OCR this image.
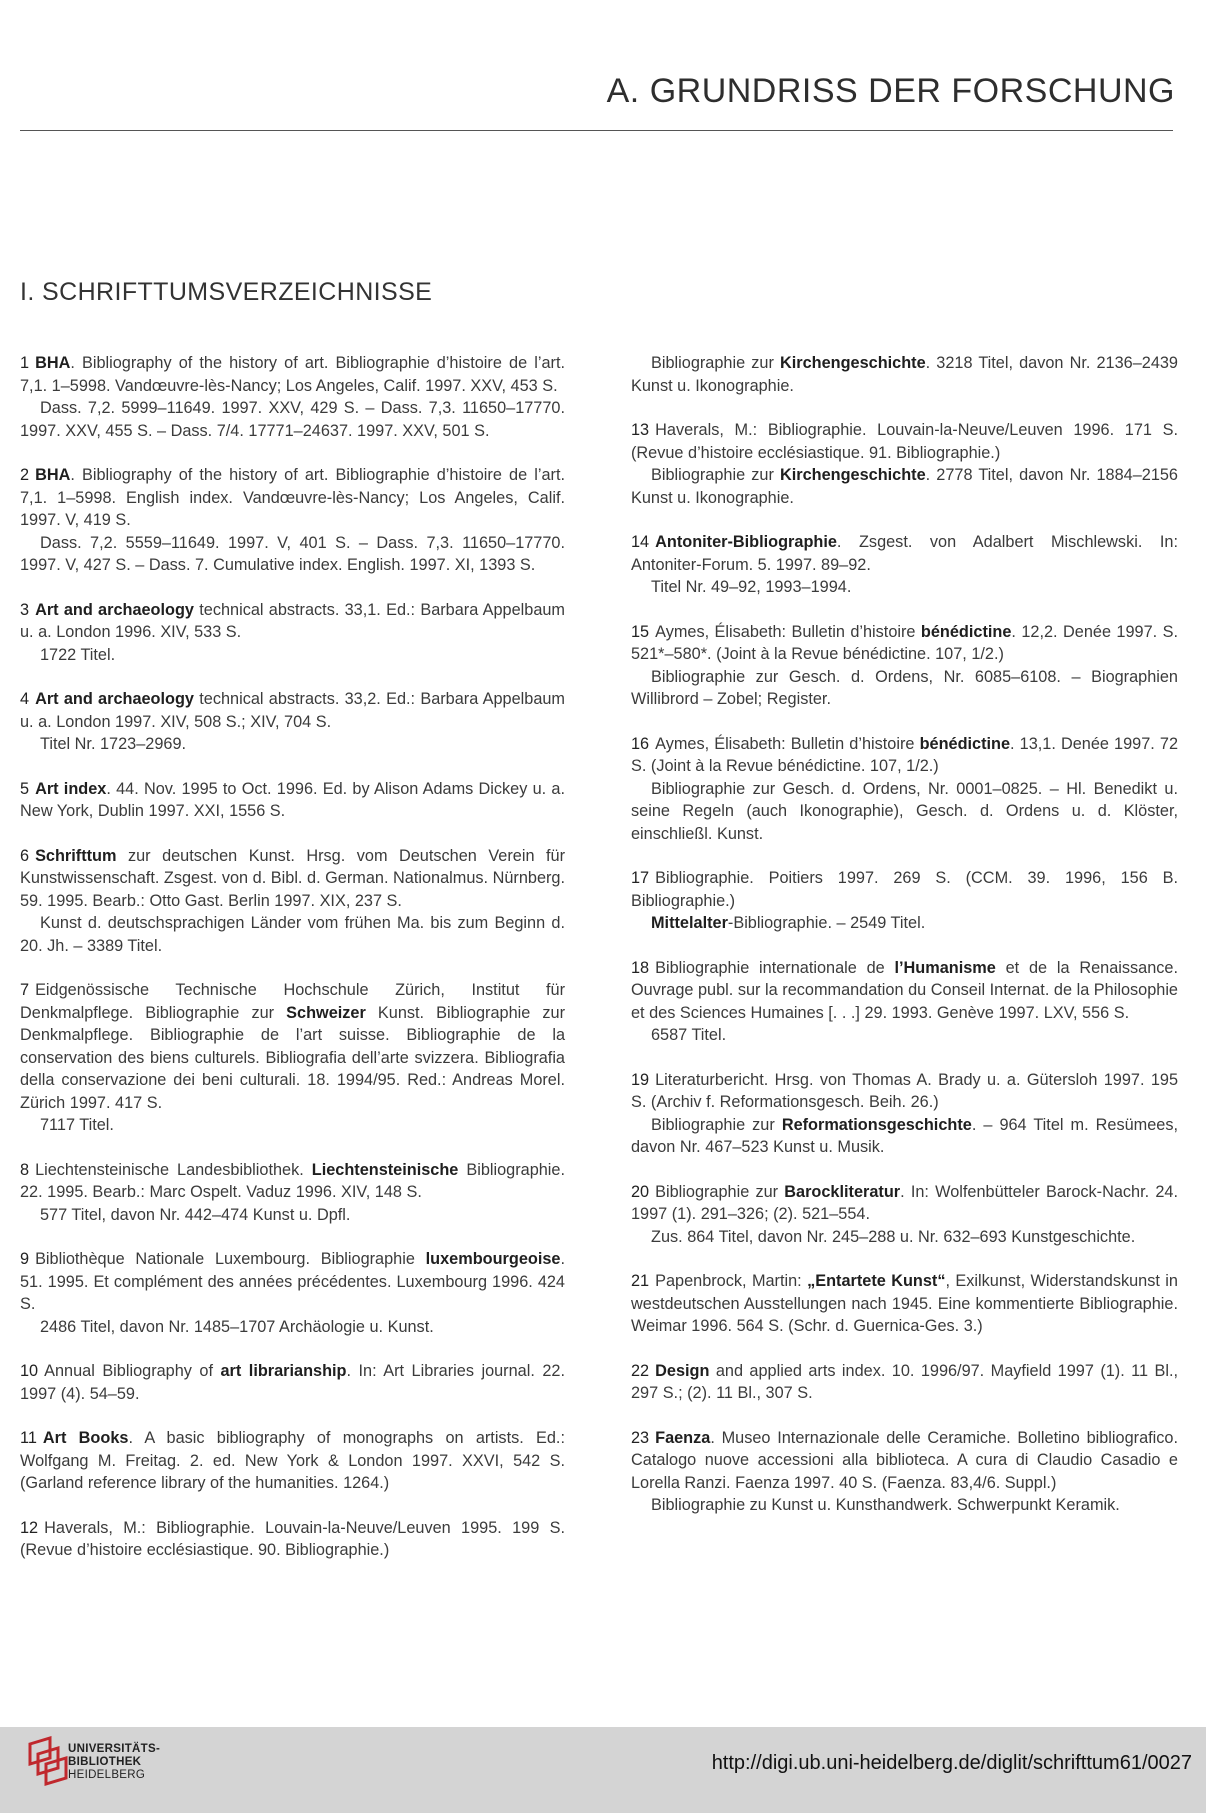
A. GRUNDRISS DER FORSCHUNG
I. SCHRIFTTUMSVERZEICHNISSE

1 BHA. Bibliography of the history of art. Bibliographie d’histoire de l’art. 7,1. 1–5998. Vandœuvre-lès-Nancy; Los Angeles, Calif. 1997. XXV, 453 S.

Dass. 7,2. 5999–11649. 1997. XXV, 429 S. – Dass. 7,3. 11650–17770. 1997. XXV, 455 S. – Dass. 7/4. 17771–24637. 1997. XXV, 501 S.

2 BHA. Bibliography of the history of art. Bibliographie d’histoire de l’art. 7,1. 1–5998. English index. Vandœuvre-lès-Nancy; Los Angeles, Calif. 1997. V, 419 S.

Dass. 7,2. 5559–11649. 1997. V, 401 S. – Dass. 7,3. 11650–17770. 1997. V, 427 S. – Dass. 7. Cumulative index. English. 1997. XI, 1393 S.

3 Art and archaeology technical abstracts. 33,1. Ed.: Barbara Appelbaum u. a. London 1996. XIV, 533 S.

1722 Titel.

4 Art and archaeology technical abstracts. 33,2. Ed.: Barbara Appelbaum u. a. London 1997. XIV, 508 S.; XIV, 704 S.

Titel Nr. 1723–2969.

5 Art index. 44. Nov. 1995 to Oct. 1996. Ed. by Alison Adams Dickey u. a. New York, Dublin 1997. XXI, 1556 S.

6 Schrifttum zur deutschen Kunst. Hrsg. vom Deutschen Verein für Kunstwissenschaft. Zsgest. von d. Bibl. d. German. Nationalmus. Nürnberg. 59. 1995. Bearb.: Otto Gast. Berlin 1997. XIX, 237 S.

Kunst d. deutschsprachigen Länder vom frühen Ma. bis zum Beginn d. 20. Jh. – 3389 Titel.

7 Eidgenössische Technische Hochschule Zürich, Institut für Denkmalpflege. Bibliographie zur Schweizer Kunst. Bibliographie zur Denkmalpflege. Bibliographie de l’art suisse. Bibliographie de la conservation des biens culturels. Bibliografia dell’arte svizzera. Bibliografia della conservazione dei beni culturali. 18. 1994/95. Red.: Andreas Morel. Zürich 1997. 417 S.

7117 Titel.

8 Liechtensteinische Landesbibliothek. Liechtensteinische Bibliographie. 22. 1995. Bearb.: Marc Ospelt. Vaduz 1996. XIV, 148 S.

577 Titel, davon Nr. 442–474 Kunst u. Dpfl.

9 Bibliothèque Nationale Luxembourg. Bibliographie luxembourgeoise. 51. 1995. Et complément des années précédentes. Luxembourg 1996. 424 S.

2486 Titel, davon Nr. 1485–1707 Archäologie u. Kunst.

10 Annual Bibliography of art librarianship. In: Art Libraries journal. 22. 1997 (4). 54–59.

11 Art Books. A basic bibliography of monographs on artists. Ed.: Wolfgang M. Freitag. 2. ed. New York & London 1997. XXVI, 542 S. (Garland reference library of the humanities. 1264.)

12 Haverals, M.: Bibliographie. Louvain-la-Neuve/Leuven 1995. 199 S. (Revue d’histoire ecclésiastique. 90. Bibliographie.)

Bibliographie zur Kirchengeschichte. 3218 Titel, davon Nr. 2136–2439 Kunst u. Ikonographie.

13 Haverals, M.: Bibliographie. Louvain-la-Neuve/Leuven 1996. 171 S. (Revue d’histoire ecclésiastique. 91. Bibliographie.)

Bibliographie zur Kirchengeschichte. 2778 Titel, davon Nr. 1884–2156 Kunst u. Ikonographie.

14 Antoniter-Bibliographie. Zsgest. von Adalbert Mischlewski. In: Antoniter-Forum. 5. 1997. 89–92.

Titel Nr. 49–92, 1993–1994.

15 Aymes, Élisabeth: Bulletin d’histoire bénédictine. 12,2. Denée 1997. S. 521*–580*. (Joint à la Revue bénédictine. 107, 1/2.)

Bibliographie zur Gesch. d. Ordens, Nr. 6085–6108. – Biographien Willibrord – Zobel; Register.

16 Aymes, Élisabeth: Bulletin d’histoire bénédictine. 13,1. Denée 1997. 72 S. (Joint à la Revue bénédictine. 107, 1/2.)

Bibliographie zur Gesch. d. Ordens, Nr. 0001–0825. – Hl. Benedikt u. seine Regeln (auch Ikonographie), Gesch. d. Ordens u. d. Klöster, einschließl. Kunst.

17 Bibliographie. Poitiers 1997. 269 S. (CCM. 39. 1996, 156 B. Bibliographie.)

Mittelalter-Bibliographie. – 2549 Titel.

18 Bibliographie internationale de l’Humanisme et de la Renaissance. Ouvrage publ. sur la recommandation du Conseil Internat. de la Philosophie et des Sciences Humaines [. . .] 29. 1993. Genève 1997. LXV, 556 S.

6587 Titel.

19 Literaturbericht. Hrsg. von Thomas A. Brady u. a. Gütersloh 1997. 195 S. (Archiv f. Reformationsgesch. Beih. 26.)

Bibliographie zur Reformationsgeschichte. – 964 Titel m. Resümees, davon Nr. 467–523 Kunst u. Musik.

20 Bibliographie zur Barockliteratur. In: Wolfenbütteler Barock-Nachr. 24. 1997 (1). 291–326; (2). 521–554.

Zus. 864 Titel, davon Nr. 245–288 u. Nr. 632–693 Kunstgeschichte.

21 Papenbrock, Martin: „Entartete Kunst“, Exilkunst, Widerstandskunst in westdeutschen Ausstellungen nach 1945. Eine kommentierte Bibliographie. Weimar 1996. 564 S. (Schr. d. Guernica-Ges. 3.)

22 Design and applied arts index. 10. 1996/97. Mayfield 1997 (1). 11 Bl., 297 S.; (2). 11 Bl., 307 S.

23 Faenza. Museo Internazionale delle Ceramiche. Bolletino bibliografico. Catalogo nuove accessioni alla biblioteca. A cura di Claudio Casadio e Lorella Ranzi. Faenza 1997. 40 S. (Faenza. 83,4/6. Suppl.)

Bibliographie zu Kunst u. Kunsthandwerk. Schwerpunkt Keramik.

UNIVERSITÄTS-
BIBLIOTHEK
HEIDELBERG
http://digi.ub.uni-heidelberg.de/diglit/schrifttum61/0027
